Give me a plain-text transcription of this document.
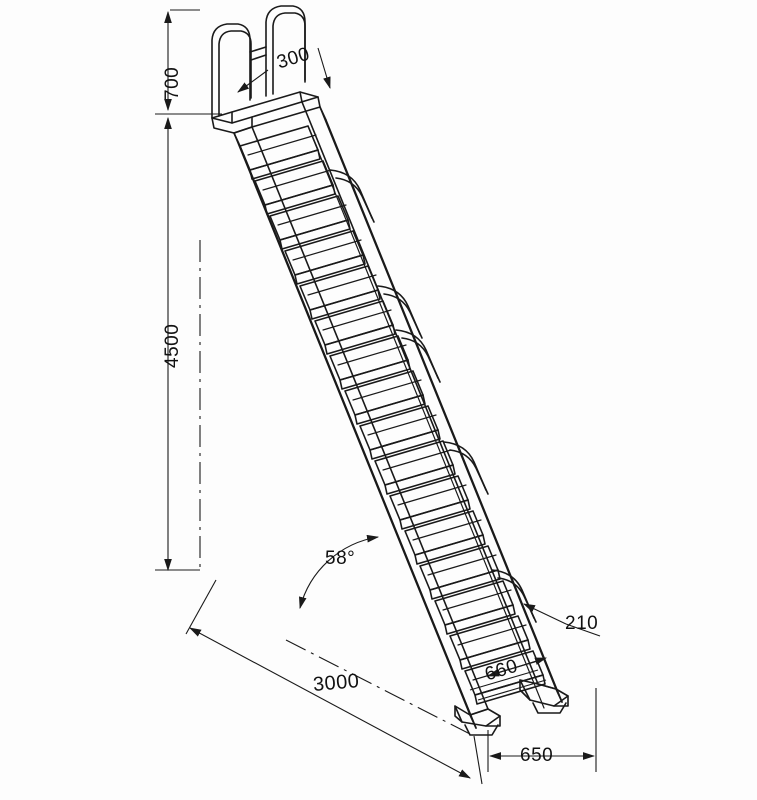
700
300
4500
58°
210
660
3000
650
